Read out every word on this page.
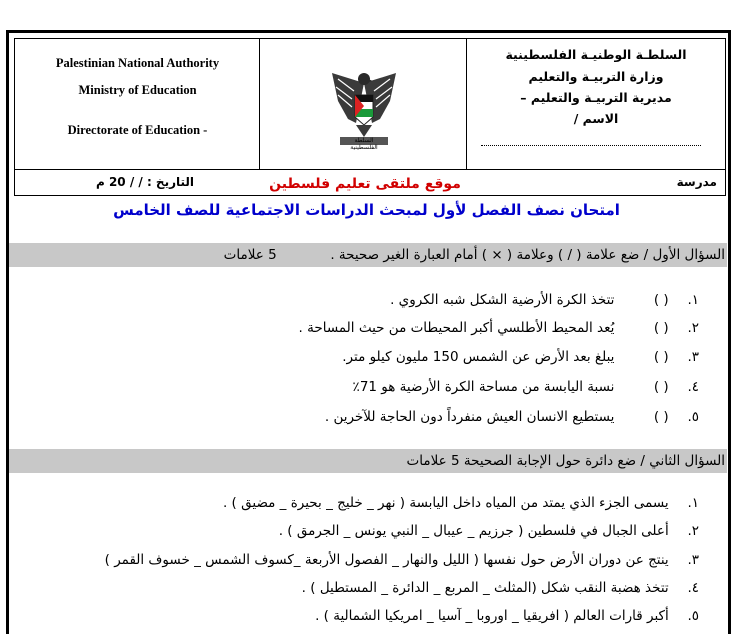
Palestinian National Authority
Ministry of Education
Directorate of Education -
السلطة الفلسطينية
السلطـة الوطنيـة الفلسطينية
وزارة التربيـة والتعليم
مديرية التربيـة والتعليم –
الاسم /
التاريخ : / / 20 م	موقع ملتقى تعليم فلسطين	مدرسة
امتحان نصف الفصل لأول لمبحث الدراسات الاجتماعية للصف الخامس
السؤال الأول / ضع علامة ( / ) وعلامة ( × ) أمام العبارة الغير صحيحة .  5 علامات
١. ( ) تتخذ الكرة الأرضية الشكل شبه الكروي .
٢. ( ) يُعد المحيط الأطلسي أكبر المحيطات من حيث المساحة .
٣. ( ) يبلغ بعد الأرض عن الشمس 150 مليون كيلو متر.
٤. ( ) نسبة اليابسة من مساحة الكرة الأرضية هو 71٪
٥. ( ) يستطيع الانسان العيش منفرداً دون الحاجة للآخرين .
السؤال الثاني / ضع دائرة حول الإجابة الصحيحة 5 علامات
١. يسمى الجزء الذي يمتد من المياه داخل اليابسة ( نهر _ خليج _ بحيرة _ مضيق ) .
٢. أعلى الجبال في فلسطين ( جرزيم _ عيبال _ النبي يونس _ الجرمق ) .
٣. ينتج عن دوران الأرض حول نفسها ( الليل والنهار _ الفصول الأربعة _كسوف الشمس _ خسوف القمر )
٤. تتخذ هضبة النقب شكل (المثلث _ المربع _ الدائرة _ المستطيل ) .
٥. أكبر قارات العالم ( افريقيا _ اوروبا _ آسيا _ امريكيا الشمالية ) .
